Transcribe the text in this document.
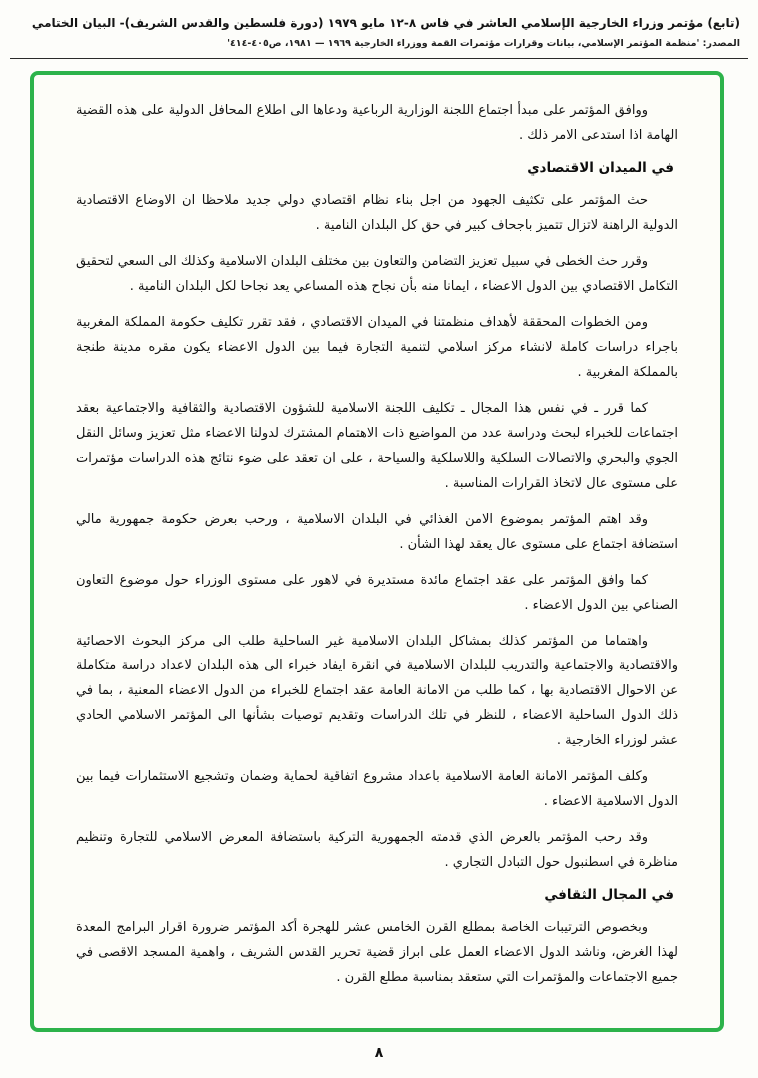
(تابع) مؤتمر وزراء الخارجية الإسلامي العاشر في فاس ٨-١٢ مايو ١٩٧٩ (دورة فلسطين والقدس الشريف)- البيان الختامي
المصدر: 'منظمة المؤتمر الإسلامي، بيانات وقرارات مؤتمرات القمة ووزراء الخارجية ١٩٦٩ — ١٩٨١، ص٤٠٥-٤١٤'

ووافق المؤتمر على مبدأ اجتماع اللجنة الوزارية الرباعية ودعاها الى اطلاع المحافل الدولية على هذه القضية الهامة اذا استدعى الامر ذلك .

في الميدان الاقتصادي

حث المؤتمر على تكثيف الجهود من اجل بناء نظام اقتصادي دولي جديد ملاحظا ان الاوضاع الاقتصادية الدولية الراهنة لاتزال تتميز باجحاف كبير في حق كل البلدان النامية .

وقرر حث الخطى في سبيل تعزيز التضامن والتعاون بين مختلف البلدان الاسلامية وكذلك الى السعي لتحقيق التكامل الاقتصادي بين الدول الاعضاء ، ايمانا منه بأن نجاح هذه المساعي يعد نجاحا لكل البلدان النامية .

ومن الخطوات المحققة لأهداف منظمتنا في الميدان الاقتصادي ، فقد تقرر تكليف حكومة المملكة المغربية باجراء دراسات كاملة لانشاء مركز اسلامي لتنمية التجارة فيما بين الدول الاعضاء يكون مقره مدينة طنجة بالمملكة المغربية .

كما قرر ـ في نفس هذا المجال ـ تكليف اللجنة الاسلامية للشؤون الاقتصادية والثقافية والاجتماعية بعقد اجتماعات للخبراء لبحث ودراسة عدد من المواضيع ذات الاهتمام المشترك لدولنا الاعضاء مثل تعزيز وسائل النقل الجوي والبحري والاتصالات السلكية واللاسلكية والسياحة ، على ان تعقد على ضوء نتائج هذه الدراسات مؤتمرات على مستوى عال لاتخاذ القرارات المناسبة .

وقد اهتم المؤتمر بموضوع الامن الغذائي في البلدان الاسلامية ، ورحب بعرض حكومة جمهورية مالي استضافة اجتماع على مستوى عال يعقد لهذا الشأن .

كما وافق المؤتمر على عقد اجتماع مائدة مستديرة في لاهور على مستوى الوزراء حول موضوع التعاون الصناعي بين الدول الاعضاء .

واهتماما من المؤتمر كذلك بمشاكل البلدان الاسلامية غير الساحلية طلب الى مركز البحوث الاحصائية والاقتصادية والاجتماعية والتدريب للبلدان الاسلامية في انقرة ايفاد خبراء الى هذه البلدان لاعداد دراسة متكاملة عن الاحوال الاقتصادية بها ، كما طلب من الامانة العامة عقد اجتماع للخبراء من الدول الاعضاء المعنية ، بما في ذلك الدول الساحلية الاعضاء ، للنظر في تلك الدراسات وتقديم توصيات بشأنها الى المؤتمر الاسلامي الحادي عشر لوزراء الخارجية .

وكلف المؤتمر الامانة العامة الاسلامية باعداد مشروع اتفاقية لحماية وضمان وتشجيع الاستثمارات فيما بين الدول الاسلامية الاعضاء .

وقد رحب المؤتمر بالعرض الذي قدمته الجمهورية التركية باستضافة المعرض الاسلامي للتجارة وتنظيم مناظرة في اسطنبول حول التبادل التجاري .

في المجال الثقافي

وبخصوص الترتيبات الخاصة بمطلع القرن الخامس عشر للهجرة أكد المؤتمر ضرورة اقرار البرامج المعدة لهذا الغرض، وناشد الدول الاعضاء العمل على ابراز قضية تحرير القدس الشريف ، واهمية المسجد الاقصى في جميع الاجتماعات والمؤتمرات التي ستعقد بمناسبة مطلع القرن .

٨
